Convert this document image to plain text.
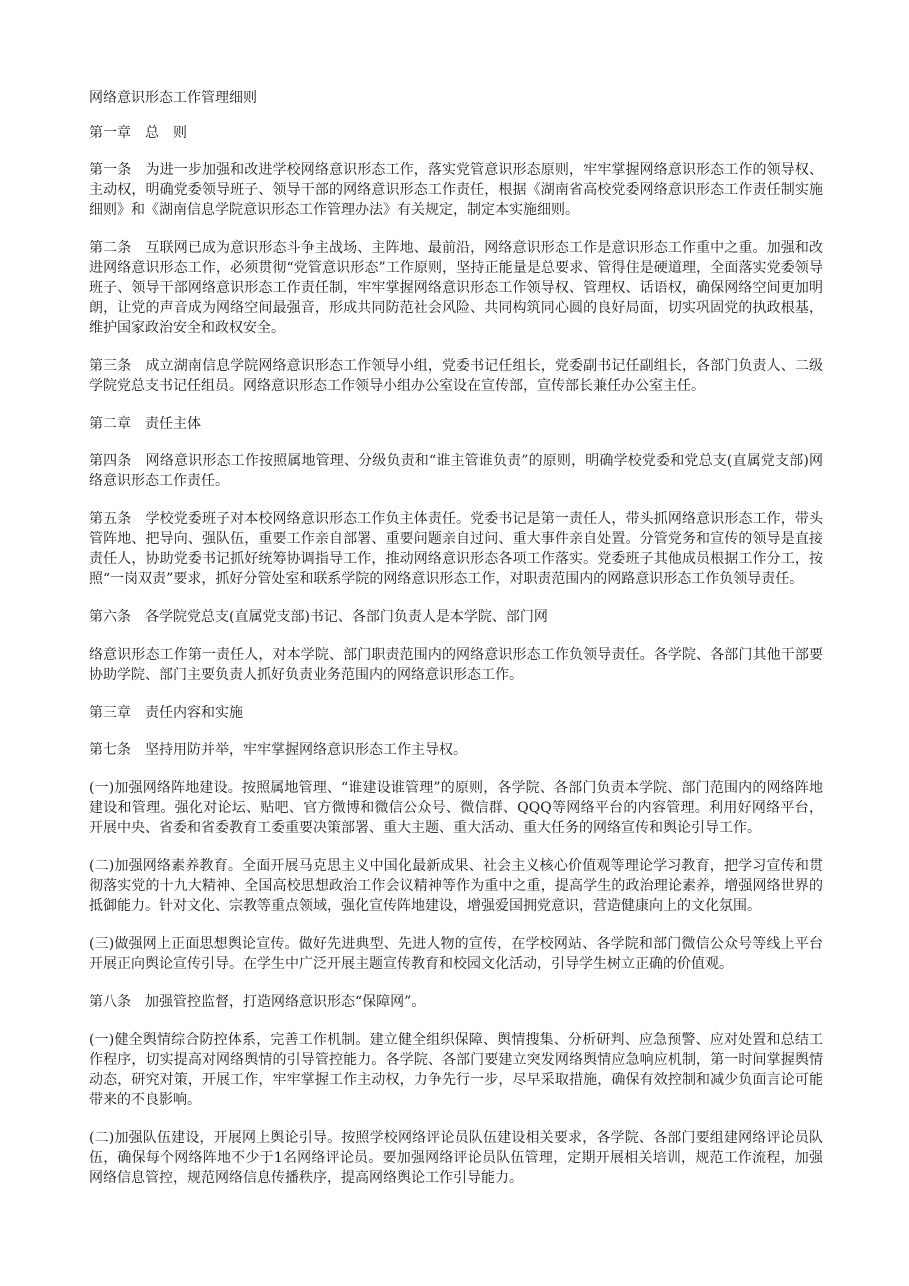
网络意识形态工作管理细则

第一章　总　则

第一条　为进一步加强和改进学校网络意识形态工作，落实党管意识形态原则，牢牢掌握网络意识形态工作的领导权、主动权，明确党委领导班子、领导干部的网络意识形态工作责任，根据《湖南省高校党委网络意识形态工作责任制实施细则》和《湖南信息学院意识形态工作管理办法》有关规定，制定本实施细则。

第二条　互联网已成为意识形态斗争主战场、主阵地、最前沿，网络意识形态工作是意识形态工作重中之重。加强和改进网络意识形态工作，必须贯彻“党管意识形态”工作原则，坚持正能量是总要求、管得住是硬道理，全面落实党委领导班子、领导干部网络意识形态工作责任制，牢牢掌握网络意识形态工作领导权、管理权、话语权，确保网络空间更加明朗，让党的声音成为网络空间最强音，形成共同防范社会风险、共同构筑同心圆的良好局面，切实巩固党的执政根基，维护国家政治安全和政权安全。

第三条　成立湖南信息学院网络意识形态工作领导小组，党委书记任组长，党委副书记任副组长，各部门负责人、二级学院党总支书记任组员。网络意识形态工作领导小组办公室设在宣传部，宣传部长兼任办公室主任。

第二章　责任主体

第四条　网络意识形态工作按照属地管理、分级负责和“谁主管谁负责”的原则，明确学校党委和党总支(直属党支部)网络意识形态工作责任。

第五条　学校党委班子对本校网络意识形态工作负主体责任。党委书记是第一责任人，带头抓网络意识形态工作，带头管阵地、把导向、强队伍，重要工作亲自部署、重要问题亲自过问、重大事件亲自处置。分管党务和宣传的领导是直接责任人，协助党委书记抓好统筹协调指导工作，推动网络意识形态各项工作落实。党委班子其他成员根据工作分工，按照“一岗双责”要求，抓好分管处室和联系学院的网络意识形态工作，对职责范围内的网路意识形态工作负领导责任。

第六条　各学院党总支(直属党支部)书记、各部门负责人是本学院、部门网

络意识形态工作第一责任人，对本学院、部门职责范围内的网络意识形态工作负领导责任。各学院、各部门其他干部要协助学院、部门主要负责人抓好负责业务范围内的网络意识形态工作。

第三章　责任内容和实施

第七条　坚持用防并举，牢牢掌握网络意识形态工作主导权。

(一)加强网络阵地建设。按照属地管理、“谁建设谁管理”的原则，各学院、各部门负责本学院、部门范围内的网络阵地建设和管理。强化对论坛、贴吧、官方微博和微信公众号、微信群、QQQ等网络平台的内容管理。利用好网络平台，开展中央、省委和省委教育工委重要决策部署、重大主题、重大活动、重大任务的网络宣传和舆论引导工作。

(二)加强网络素养教育。全面开展马克思主义中国化最新成果、社会主义核心价值观等理论学习教育，把学习宣传和贯彻落实党的十九大精神、全国高校思想政治工作会议精神等作为重中之重，提高学生的政治理论素养，增强网络世界的抵御能力。针对文化、宗教等重点领域，强化宣传阵地建设，增强爱国拥党意识，营造健康向上的文化氛围。

(三)做强网上正面思想舆论宣传。做好先进典型、先进人物的宣传，在学校网站、各学院和部门微信公众号等线上平台开展正向舆论宣传引导。在学生中广泛开展主题宣传教育和校园文化活动，引导学生树立正确的价值观。

第八条　加强管控监督，打造网络意识形态“保障网”。

(一)健全舆情综合防控体系，完善工作机制。建立健全组织保障、舆情搜集、分析研判、应急预警、应对处置和总结工作程序，切实提高对网络舆情的引导管控能力。各学院、各部门要建立突发网络舆情应急响应机制，第一时间掌握舆情动态，研究对策，开展工作，牢牢掌握工作主动权，力争先行一步，尽早采取措施，确保有效控制和减少负面言论可能带来的不良影响。

(二)加强队伍建设，开展网上舆论引导。按照学校网络评论员队伍建设相关要求，各学院、各部门要组建网络评论员队伍，确保每个网络阵地不少于1名网络评论员。要加强网络评论员队伍管理，定期开展相关培训，规范工作流程，加强网络信息管控，规范网络信息传播秩序，提高网络舆论工作引导能力。
